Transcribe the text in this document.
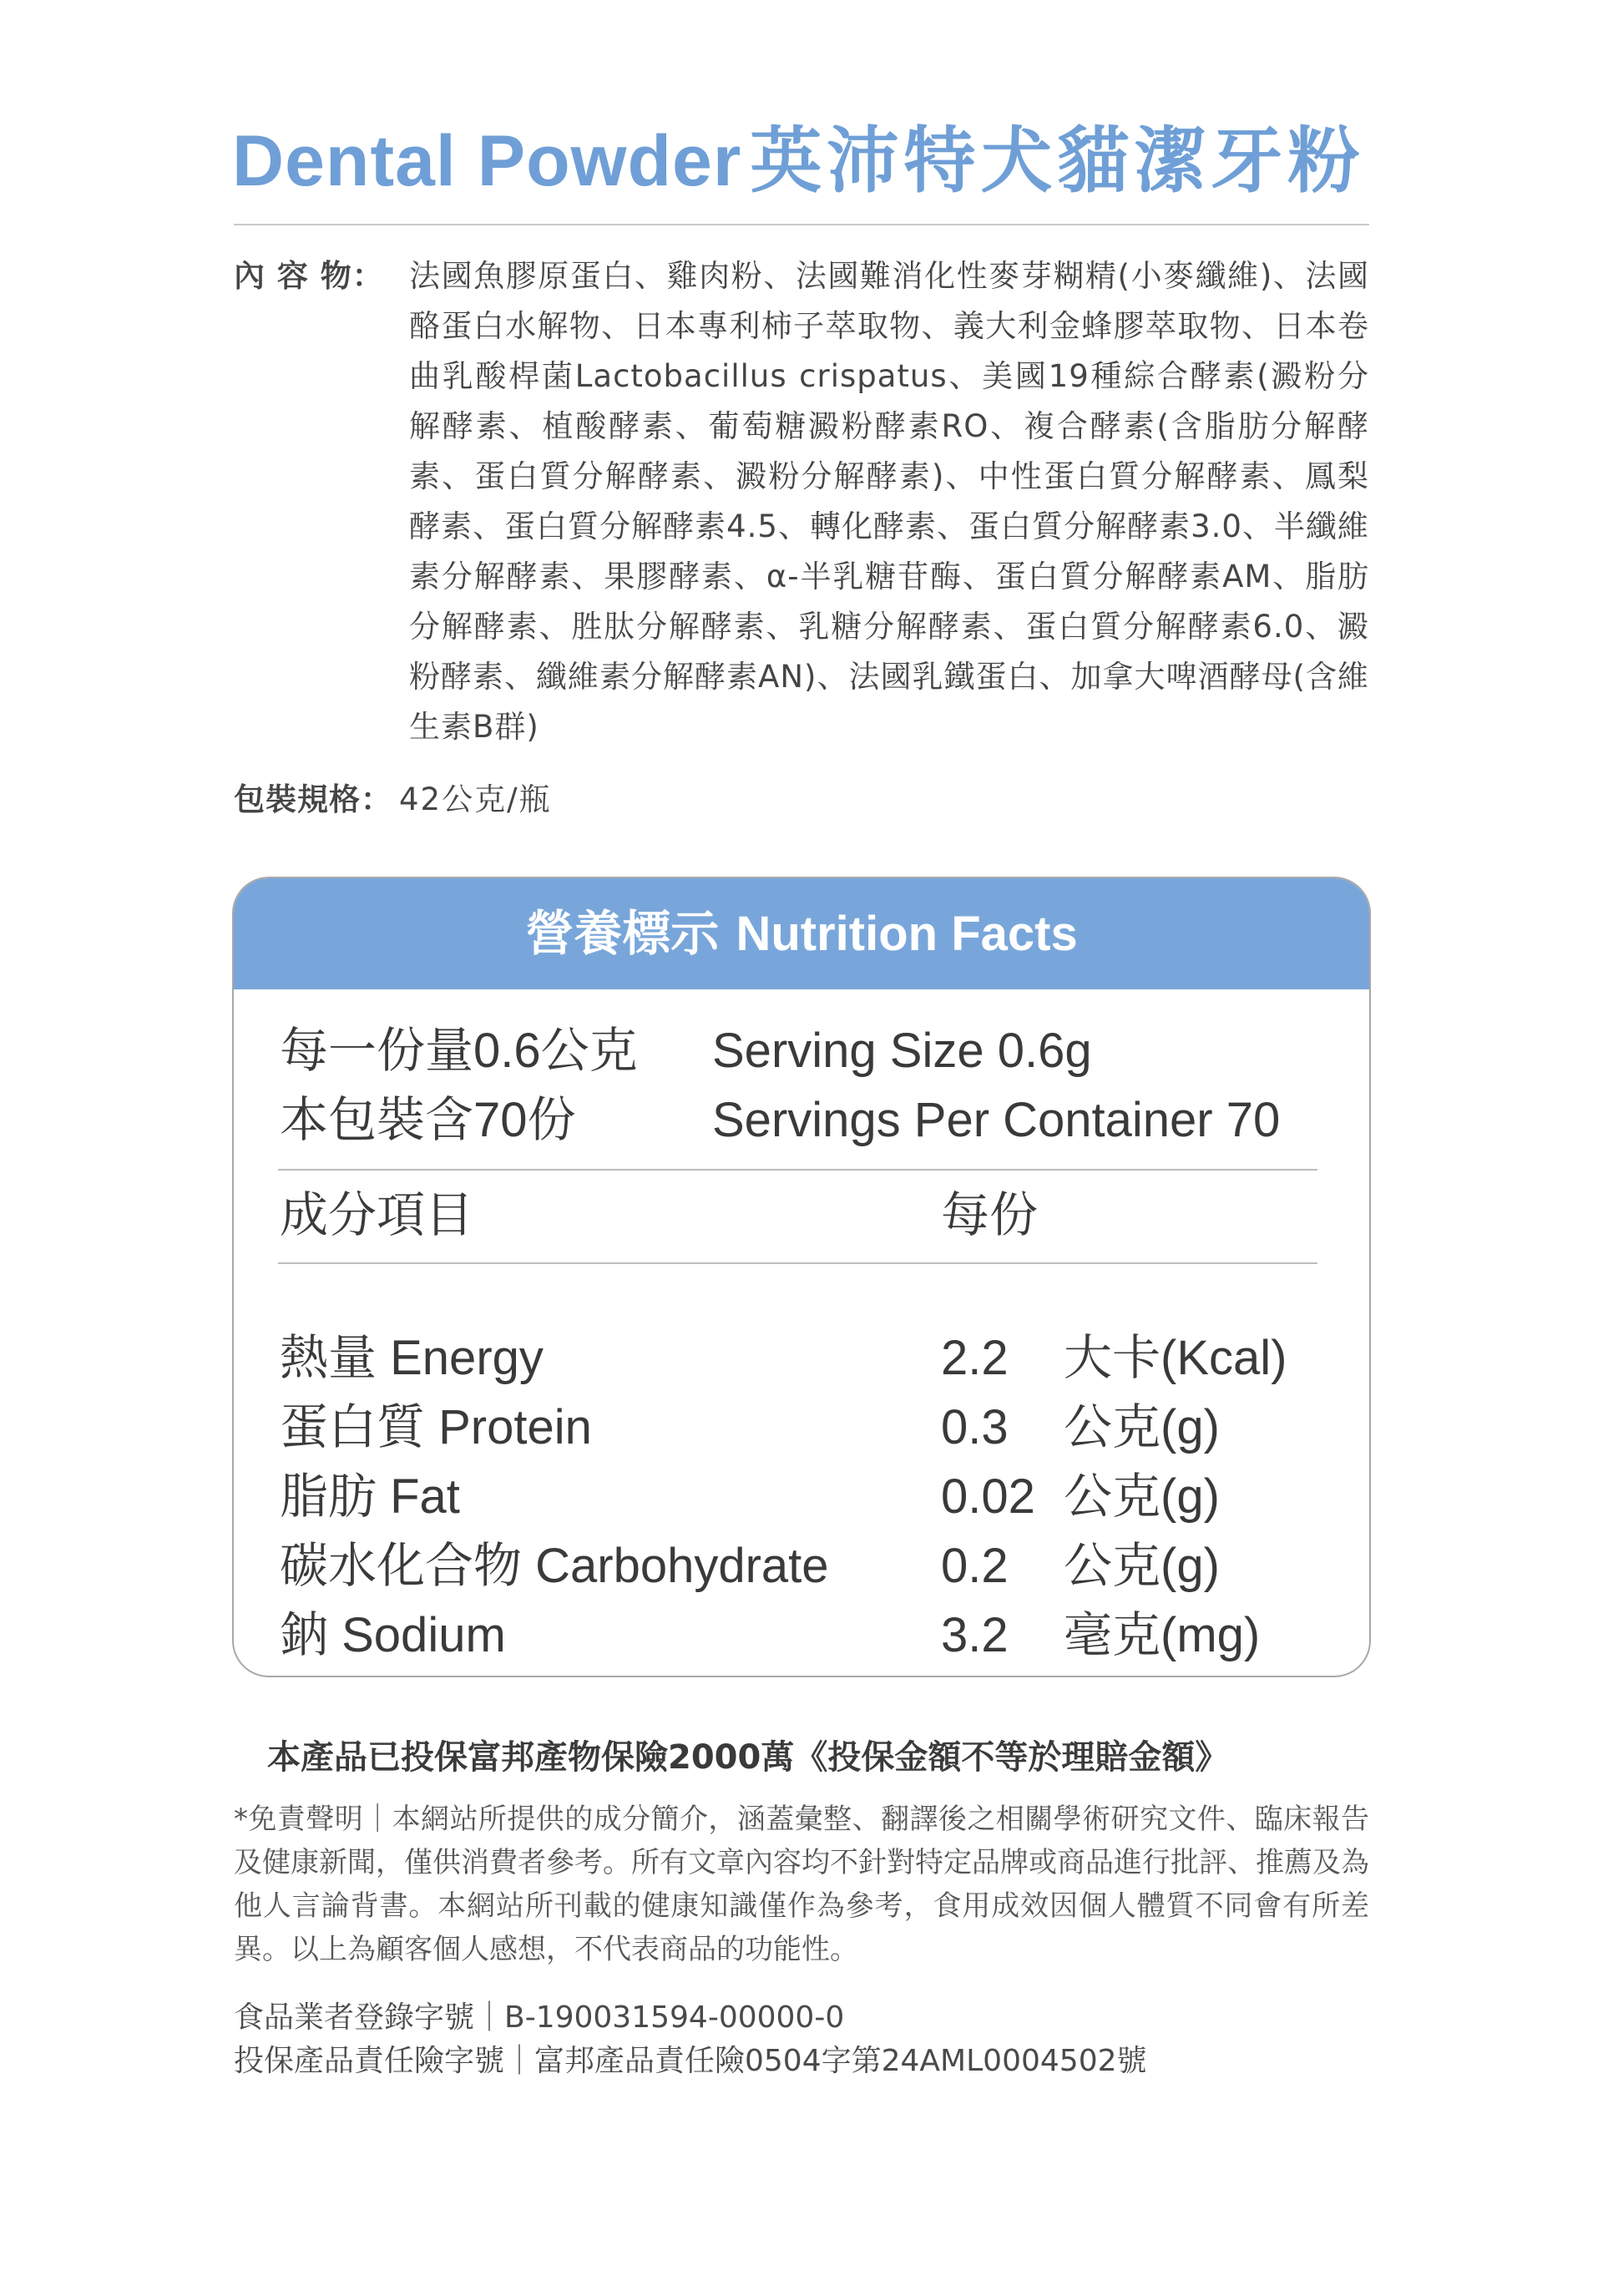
Dental Powder 英沛特犬貓潔牙粉
內 容 物： 法國魚膠原蛋白、雞肉粉、法國難消化性麥芽糊精(小麥纖維)、法國酪蛋白水解物、日本專利柿子萃取物、義大利金蜂膠萃取物、日本卷曲乳酸桿菌Lactobacillus crispatus、美國19種綜合酵素(澱粉分解酵素、植酸酵素、葡萄糖澱粉酵素RO、複合酵素(含脂肪分解酵素、蛋白質分解酵素、澱粉分解酵素)、中性蛋白質分解酵素、鳳梨酵素、蛋白質分解酵素4.5、轉化酵素、蛋白質分解酵素3.0、半纖維素分解酵素、果膠酵素、α-半乳糖苷酶、蛋白質分解酵素AM、脂肪分解酵素、胜肽分解酵素、乳糖分解酵素、蛋白質分解酵素6.0、澱粉酵素、纖維素分解酵素AN)、法國乳鐵蛋白、加拿大啤酒酵母(含維生素B群)
包裝規格： 42公克/瓶
營養標示 Nutrition Facts
每一份量0.6公克 Serving Size 0.6g
本包裝含70份	Servings Per Container 70
成分項目	每份
熱量 Energy	2.2 大卡(Kcal)
蛋白質 Protein	0.3 公克(g)
脂肪 Fat	0.02 公克(g)
碳水化合物 Carbohydrate 0.2 公克(g)
鈉 Sodium	3.2 毫克(mg)
本產品已投保富邦產物保險2000萬《投保金額不等於理賠金額》
*免責聲明｜本網站所提供的成分簡介，涵蓋彙整、翻譯後之相關學術研究文件、臨床報告及健康新聞，僅供消費者參考。所有文章內容均不針對特定品牌或商品進行批評、推薦及為他人言論背書。本網站所刊載的健康知識僅作為參考，食用成效因個人體質不同會有所差異。以上為顧客個人感想，不代表商品的功能性。
食品業者登錄字號｜B-190031594-00000-0
投保產品責任險字號｜富邦產品責任險0504字第24AML0004502號
